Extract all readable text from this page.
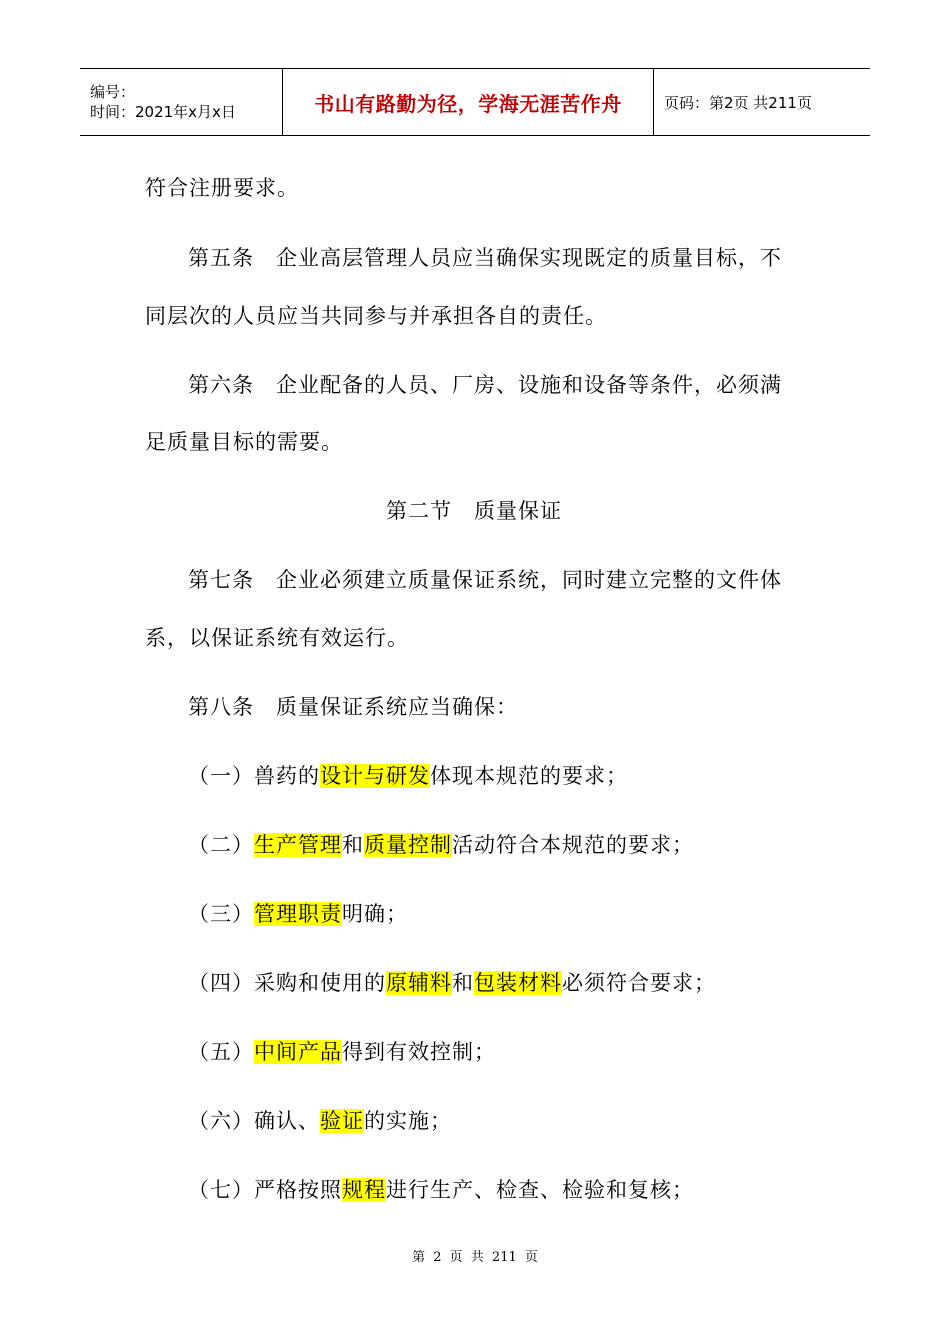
编号：
时间：2021年x月x日	书山有路勤为径，学海无涯苦作舟	页码：第2页 共211页
符合注册要求。
第五条　企业高层管理人员应当确保实现既定的质量目标，不
同层次的人员应当共同参与并承担各自的责任。
第六条　企业配备的人员、厂房、设施和设备等条件，必须满
足质量目标的需要。
第二节　质量保证
第七条　企业必须建立质量保证系统，同时建立完整的文件体
系，以保证系统有效运行。
第八条　质量保证系统应当确保：
（一）兽药的设计与研发体现本规范的要求；
（二）生产管理和质量控制活动符合本规范的要求；
（三）管理职责明确；
（四）采购和使用的原辅料和包装材料必须符合要求；
（五）中间产品得到有效控制；
（六）确认、验证的实施；
（七）严格按照规程进行生产、检查、检验和复核；
第 2 页 共 211 页
